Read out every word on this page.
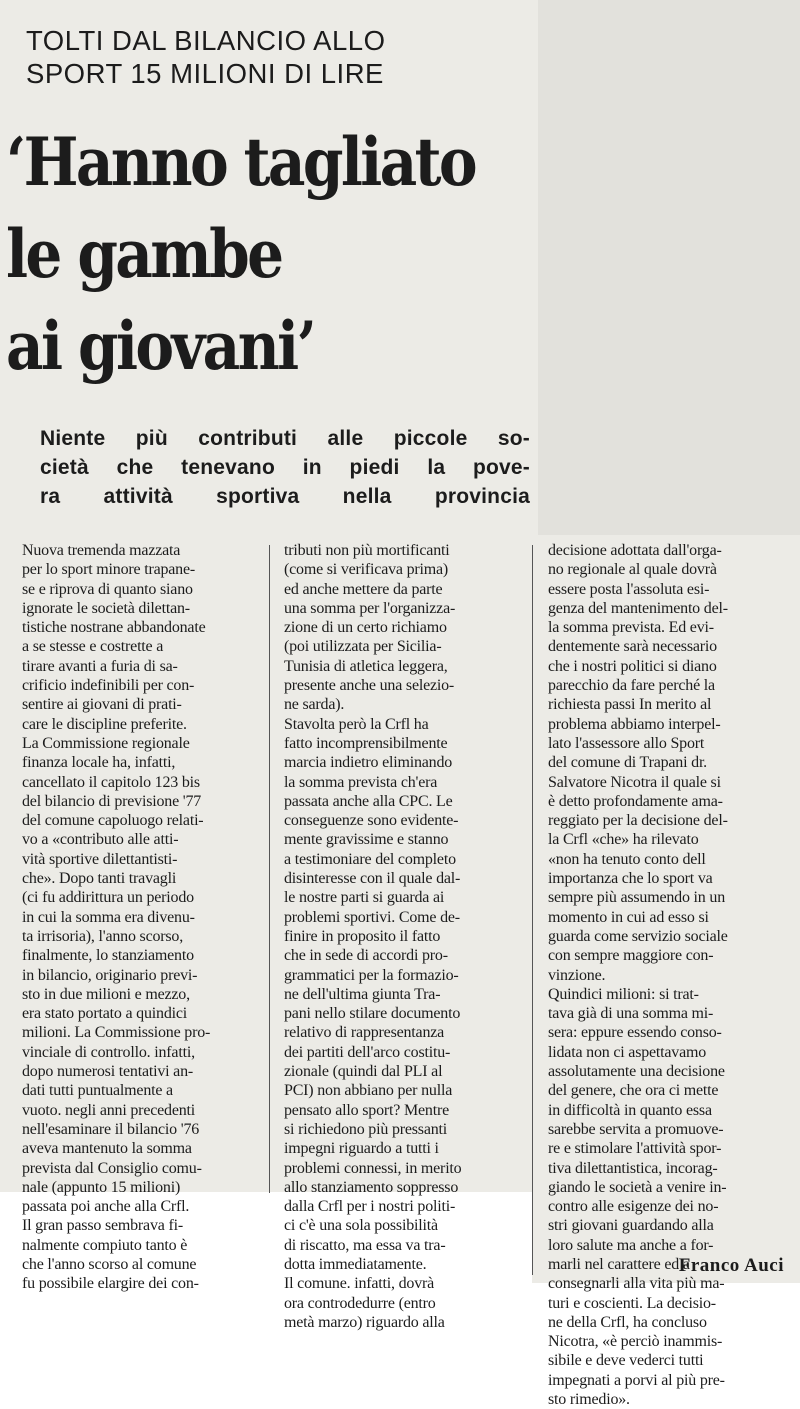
TOLTI DAL BILANCIO ALLO
SPORT 15 MILIONI DI LIRE
‘Hanno tagliato
le gambe
ai giovani’
Niente più contributi alle piccole so-
cietà che tenevano in piedi la pove-
ra attività sportiva nella provincia
Nuova tremenda mazzata
per lo sport minore trapane-
se e riprova di quanto siano
ignorate le società dilettan-
tistiche nostrane abbandonate
a se stesse e costrette a
tirare avanti a furia di sa-
crificio indefinibili per con-
sentire ai giovani di prati-
care le discipline preferite.
La Commissione regionale
finanza locale ha, infatti,
cancellato il capitolo 123 bis
del bilancio di previsione '77
del comune capoluogo relati-
vo a «contributo alle atti-
vità sportive dilettantisti-
che». Dopo tanti travagli
(ci fu addirittura un periodo
in cui la somma era divenu-
ta irrisoria), l'anno scorso,
finalmente, lo stanziamento
in bilancio, originario previ-
sto in due milioni e mezzo,
era stato portato a quindici
milioni. La Commissione pro-
vinciale di controllo. infatti,
dopo numerosi tentativi an-
dati tutti puntualmente a
vuoto. negli anni precedenti
nell'esaminare il bilancio '76
aveva mantenuto la somma
prevista dal Consiglio comu-
nale (appunto 15 milioni)
passata poi anche alla Crfl.
Il gran passo sembrava fi-
nalmente compiuto tanto è
che l'anno scorso al comune
fu possibile elargire dei con-
tributi non più mortificanti
(come si verificava prima)
ed anche mettere da parte
una somma per l'organizza-
zione di un certo richiamo
(poi utilizzata per Sicilia-
Tunisia di atletica leggera,
presente anche una selezio-
ne sarda).
Stavolta però la Crfl ha
fatto incomprensibilmente
marcia indietro eliminando
la somma prevista ch'era
passata anche alla CPC. Le
conseguenze sono evidente-
mente gravissime e stanno
a testimoniare del completo
disinteresse con il quale dal-
le nostre parti si guarda ai
problemi sportivi. Come de-
finire in proposito il fatto
che in sede di accordi pro-
grammatici per la formazio-
ne dell'ultima giunta Tra-
pani nello stilare documento
relativo di rappresentanza
dei partiti dell'arco costitu-
zionale (quindi dal PLI al
PCI) non abbiano per nulla
pensato allo sport? Mentre
si richiedono più pressanti
impegni riguardo a tutti i
problemi connessi, in merito
allo stanziamento soppresso
dalla Crfl per i nostri politi-
ci c'è una sola possibilità
di riscatto, ma essa va tra-
dotta immediatamente.
Il comune. infatti, dovrà
ora controdedurre (entro
metà marzo) riguardo alla
decisione adottata dall'orga-
no regionale al quale dovrà
essere posta l'assoluta esi-
genza del mantenimento del-
la somma prevista. Ed evi-
dentemente sarà necessario
che i nostri politici si diano
parecchio da fare perché la
richiesta passi In merito al
problema abbiamo interpel-
lato l'assessore allo Sport
del comune di Trapani dr.
Salvatore Nicotra il quale si
è detto profondamente ama-
reggiato per la decisione del-
la Crfl «che» ha rilevato
«non ha tenuto conto dell
importanza che lo sport va
sempre più assumendo in un
momento in cui ad esso si
guarda come servizio sociale
con sempre maggiore con-
vinzione.
Quindici milioni: si trat-
tava già di una somma mi-
sera: eppure essendo conso-
lidata non ci aspettavamo
assolutamente una decisione
del genere, che ora ci mette
in difficoltà in quanto essa
sarebbe servita a promuove-
re e stimolare l'attività spor-
tiva dilettantistica, incorag-
giando le società a venire in-
contro alle esigenze dei no-
stri giovani guardando alla
loro salute ma anche a for-
marli nel carattere ed a
consegnarli alla vita più ma-
turi e coscienti. La decisio-
ne della Crfl, ha concluso
Nicotra, «è perciò inammis-
sibile e deve vederci tutti
impegnati a porvi al più pre-
sto rimedio».
Franco Auci
